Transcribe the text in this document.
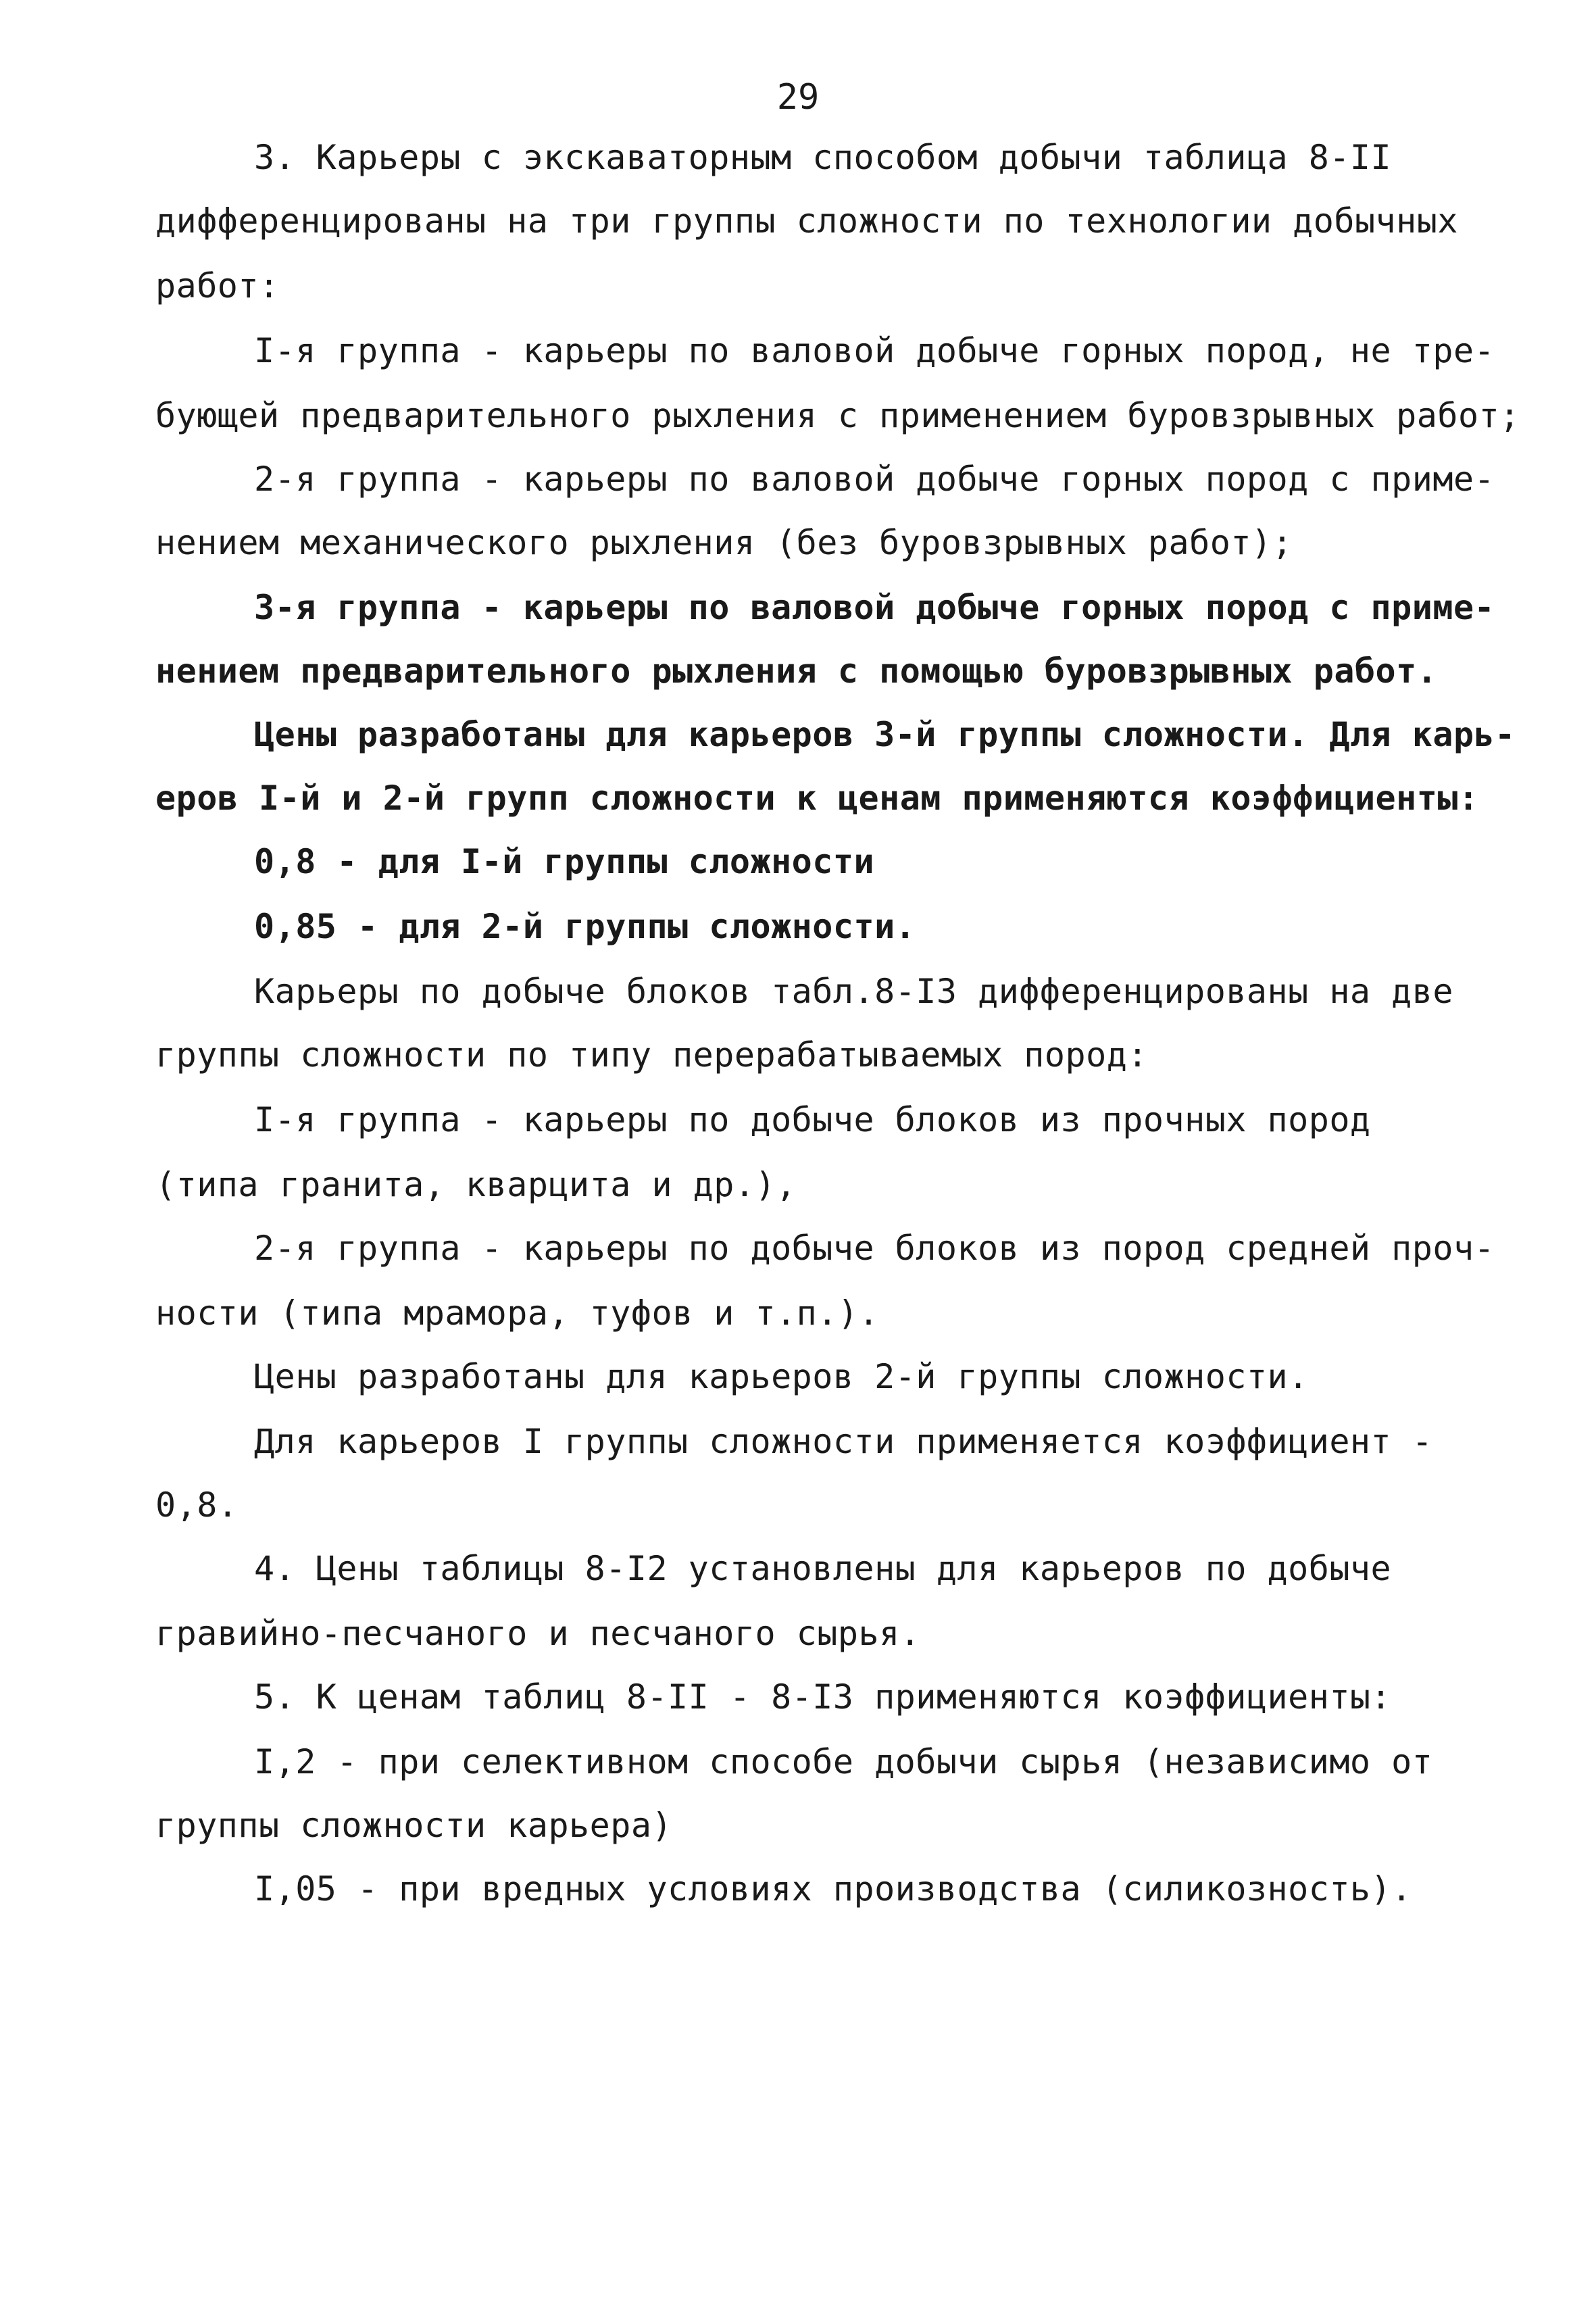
29
3. Карьеры с экскаваторным способом добычи таблица 8-II
дифференцированы на три группы сложности по технологии добычных
работ:
I-я группа - карьеры по валовой добыче горных пород, не тре-
бующей предварительного рыхления с применением буровзрывных работ;
2-я группа - карьеры по валовой добыче горных пород с приме-
нением механического рыхления (без буровзрывных работ);
3-я группа - карьеры по валовой добыче горных пород с приме-
нением предварительного рыхления с помощью буровзрывных работ.
Цены разработаны для карьеров 3-й группы сложности. Для карь-
еров I-й и 2-й групп сложности к ценам применяются коэффициенты:
0,8 - для I-й группы сложности
0,85 - для 2-й группы сложности.
Карьеры по добыче блоков табл.8-I3 дифференцированы на две
группы сложности по типу перерабатываемых пород:
I-я группа - карьеры по добыче блоков из прочных пород
(типа гранита, кварцита и др.),
2-я группа - карьеры по добыче блоков из пород средней проч-
ности (типа мрамора, туфов и т.п.).
Цены разработаны для карьеров 2-й группы сложности.
Для карьеров I группы сложности применяется коэффициент -
0,8.
4. Цены таблицы 8-I2 установлены для карьеров по добыче
гравийно-песчаного и песчаного сырья.
5. К ценам таблиц 8-II - 8-I3 применяются коэффициенты:
I,2 - при селективном способе добычи сырья (независимо от
группы сложности карьера)
I,05 - при вредных условиях производства (силикозность).
